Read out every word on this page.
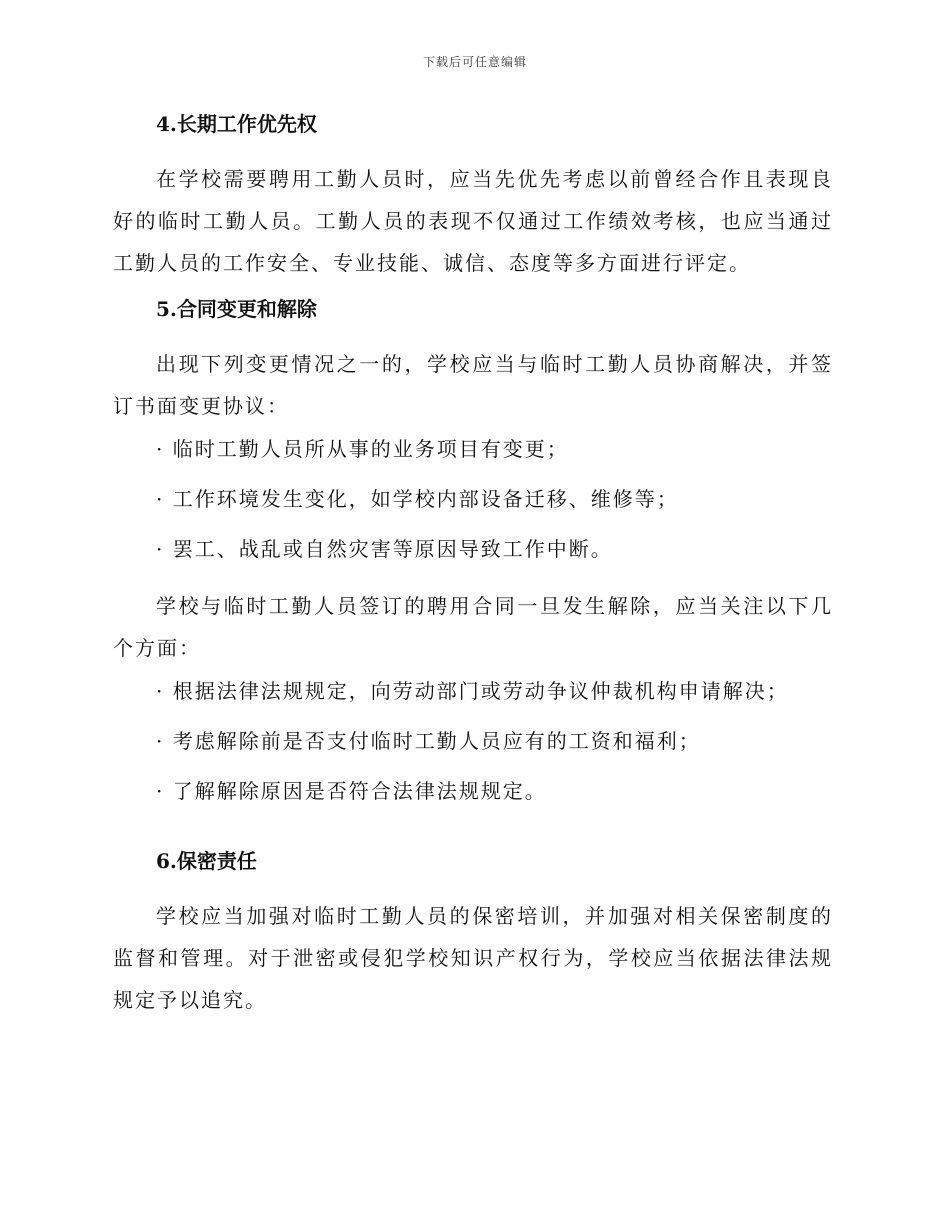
下载后可任意编辑
4.长期工作优先权

在学校需要聘用工勤人员时，应当先优先考虑以前曾经合作且表现良好的临时工勤人员。工勤人员的表现不仅通过工作绩效考核，也应当通过工勤人员的工作安全、专业技能、诚信、态度等多方面进行评定。

5.合同变更和解除

出现下列变更情况之一的，学校应当与临时工勤人员协商解决，并签订书面变更协议：

· 临时工勤人员所从事的业务项目有变更；
· 工作环境发生变化，如学校内部设备迁移、维修等；
· 罢工、战乱或自然灾害等原因导致工作中断。

学校与临时工勤人员签订的聘用合同一旦发生解除，应当关注以下几个方面：

· 根据法律法规规定，向劳动部门或劳动争议仲裁机构申请解决；
· 考虑解除前是否支付临时工勤人员应有的工资和福利；
· 了解解除原因是否符合法律法规规定。
6.保密责任

学校应当加强对临时工勤人员的保密培训，并加强对相关保密制度的监督和管理。对于泄密或侵犯学校知识产权行为，学校应当依据法律法规规定予以追究。
